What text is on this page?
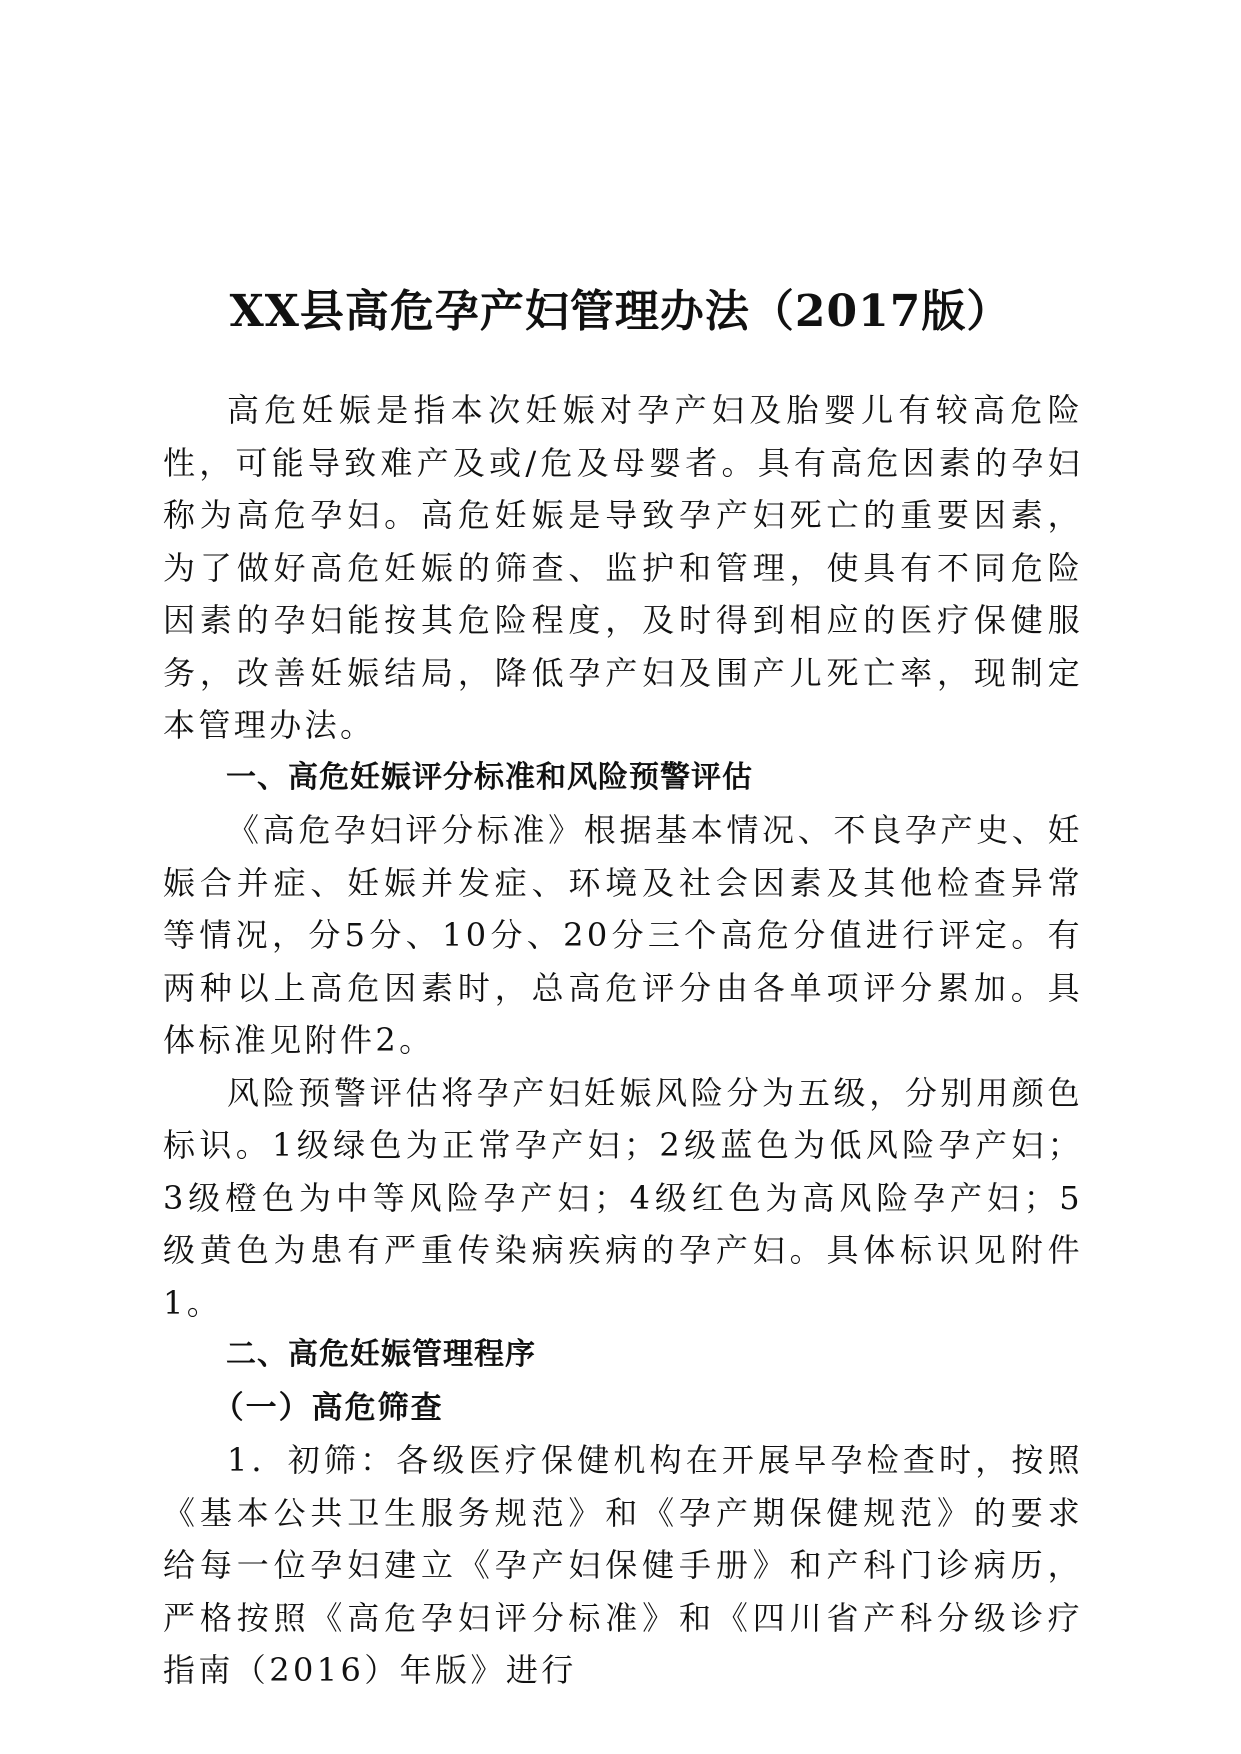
XX县高危孕产妇管理办法（2017版）

高危妊娠是指本次妊娠对孕产妇及胎婴儿有较高危险性，可能导致难产及或/危及母婴者。具有高危因素的孕妇称为高危孕妇。高危妊娠是导致孕产妇死亡的重要因素，为了做好高危妊娠的筛查、监护和管理，使具有不同危险因素的孕妇能按其危险程度，及时得到相应的医疗保健服务，改善妊娠结局，降低孕产妇及围产儿死亡率，现制定本管理办法。

一、高危妊娠评分标准和风险预警评估

《高危孕妇评分标准》根据基本情况、不良孕产史、妊娠合并症、妊娠并发症、环境及社会因素及其他检查异常等情况，分5分、10分、20分三个高危分值进行评定。有两种以上高危因素时，总高危评分由各单项评分累加。具体标准见附件2。

风险预警评估将孕产妇妊娠风险分为五级，分别用颜色标识。1级绿色为正常孕产妇；2级蓝色为低风险孕产妇；3级橙色为中等风险孕产妇；4级红色为高风险孕产妇；5级黄色为患有严重传染病疾病的孕产妇。具体标识见附件1。

二、高危妊娠管理程序
（一）高危筛查

1．初筛：各级医疗保健机构在开展早孕检查时，按照《基本公共卫生服务规范》和《孕产期保健规范》的要求给每一位孕妇建立《孕产妇保健手册》和产科门诊病历，严格按照《高危孕妇评分标准》和《四川省产科分级诊疗指南（2016）年版》进行
